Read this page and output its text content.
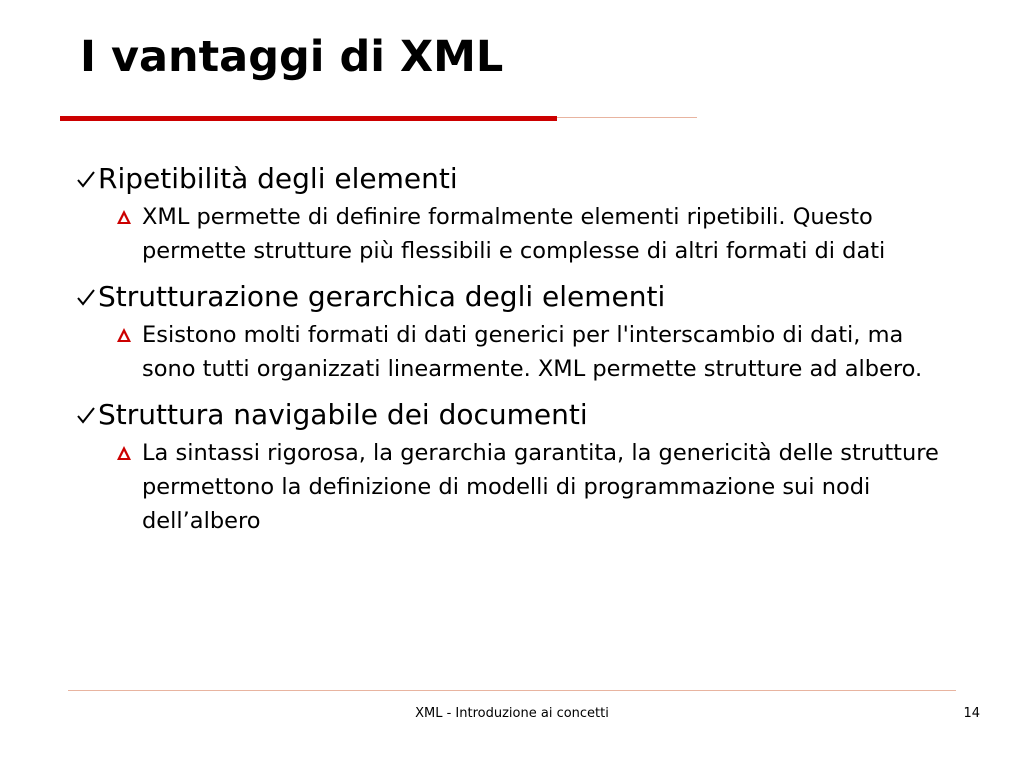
I vantaggi di XML
Ripetibilità degli elementi
XML permette di definire formalmente elementi ripetibili. Questo permette strutture più flessibili e complesse di altri formati di dati
Strutturazione gerarchica degli elementi
Esistono molti formati di dati generici per l'interscambio di dati, ma sono tutti organizzati linearmente. XML permette strutture ad albero.
Struttura navigabile dei documenti
La sintassi rigorosa, la gerarchia garantita, la genericità delle strutture permettono la definizione di modelli di programmazione sui nodi dell’albero
XML - Introduzione ai concetti	14
